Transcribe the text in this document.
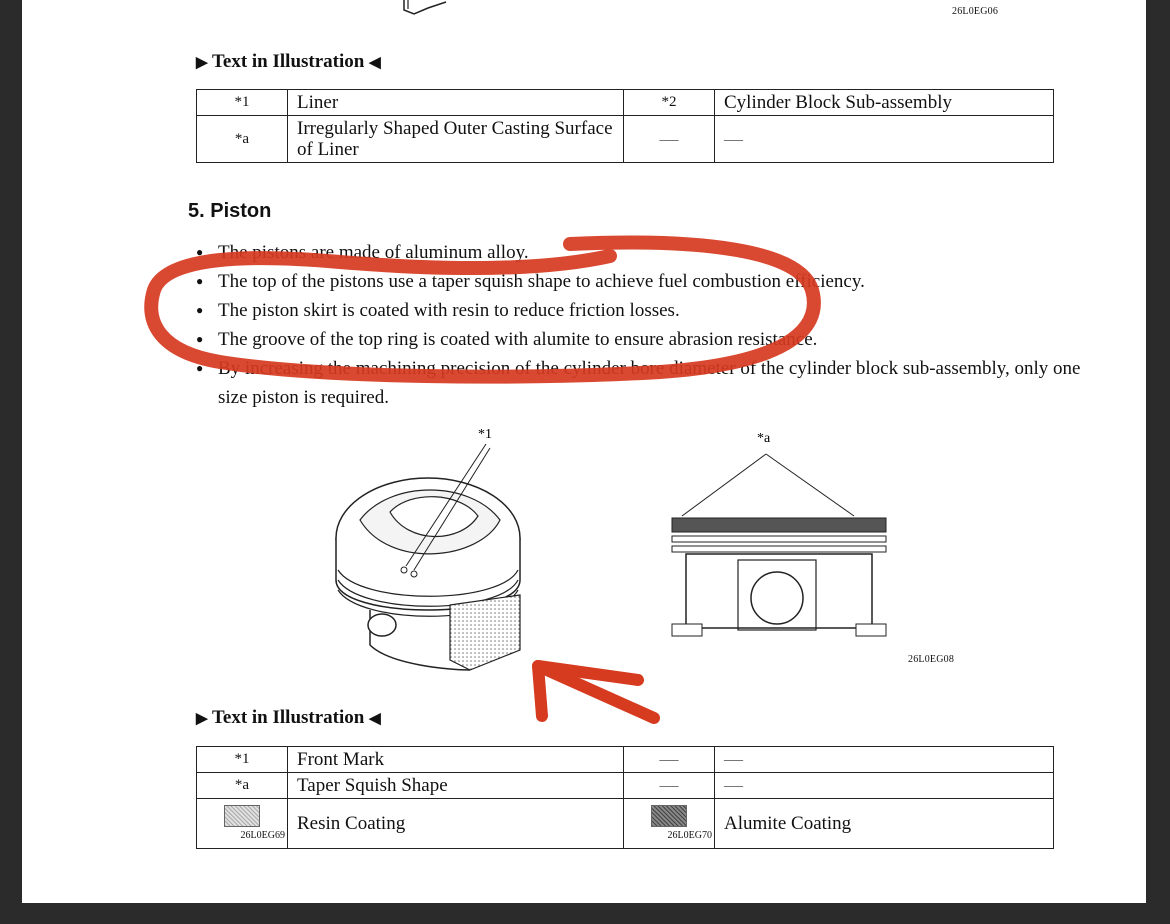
26L0EG06
▶ Text in Illustration ◀
*1	Liner	*2	Cylinder Block Sub-assembly
*a	Irregularly Shaped Outer Casting Surface of Liner	—	—
5. Piston
● The pistons are made of aluminum alloy.
● The top of the pistons use a taper squish shape to achieve fuel combustion efficiency.
● The piston skirt is coated with resin to reduce friction losses.
● The groove of the top ring is coated with alumite to ensure abrasion resistance.
● By increasing the machining precision of the cylinder bore diameter of the cylinder block sub-assembly, only one size piston is required.
*1	*a
26L0EG08
▶ Text in Illustration ◀
*1	Front Mark	—	—
*a	Taper Squish Shape	—	—

26L0EG69	Resin Coating	26L0EG70	Alumite Coating
